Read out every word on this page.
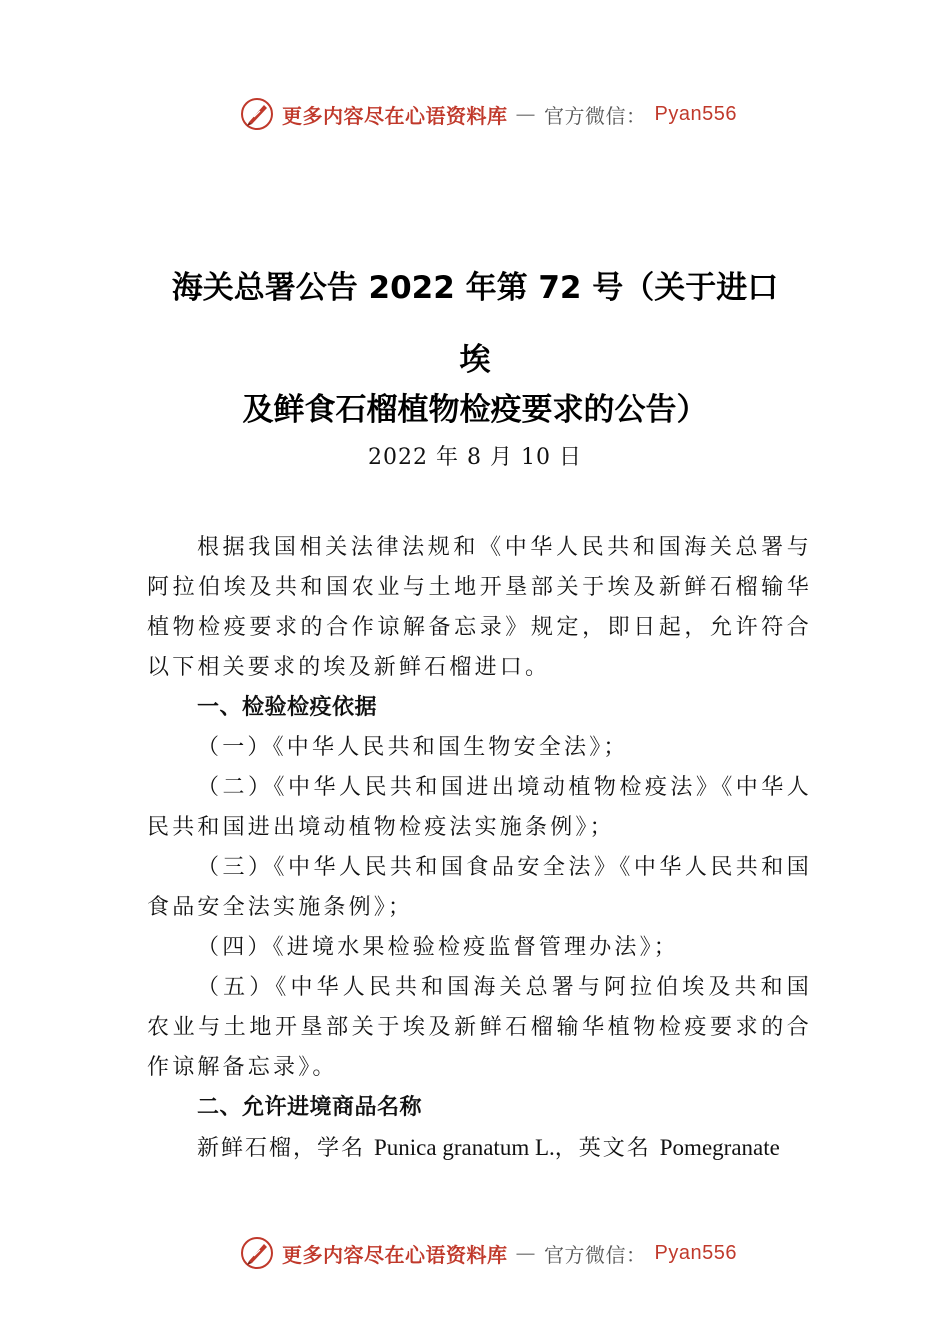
更多内容尽在心语资料库 — 官方微信： Pyan556
海关总署公告 2022 年第 72 号（关于进口
埃
及鲜食石榴植物检疫要求的公告）
2022 年 8 月 10 日

根据我国相关法律法规和《中华人民共和国海关总署与阿拉伯埃及共和国农业与土地开垦部关于埃及新鲜石榴输华植物检疫要求的合作谅解备忘录》规定，即日起，允许符合以下相关要求的埃及新鲜石榴进口。

一、检验检疫依据

（一）《中华人民共和国生物安全法》；

（二）《中华人民共和国进出境动植物检疫法》《中华人民共和国进出境动植物检疫法实施条例》；

（三）《中华人民共和国食品安全法》《中华人民共和国食品安全法实施条例》；

（四）《进境水果检验检疫监督管理办法》；

（五）《中华人民共和国海关总署与阿拉伯埃及共和国农业与土地开垦部关于埃及新鲜石榴输华植物检疫要求的合作谅解备忘录》。

二、允许进境商品名称

新鲜石榴，学名 Punica granatum L.，英文名 Pomegranate

更多内容尽在心语资料库 — 官方微信： Pyan556
